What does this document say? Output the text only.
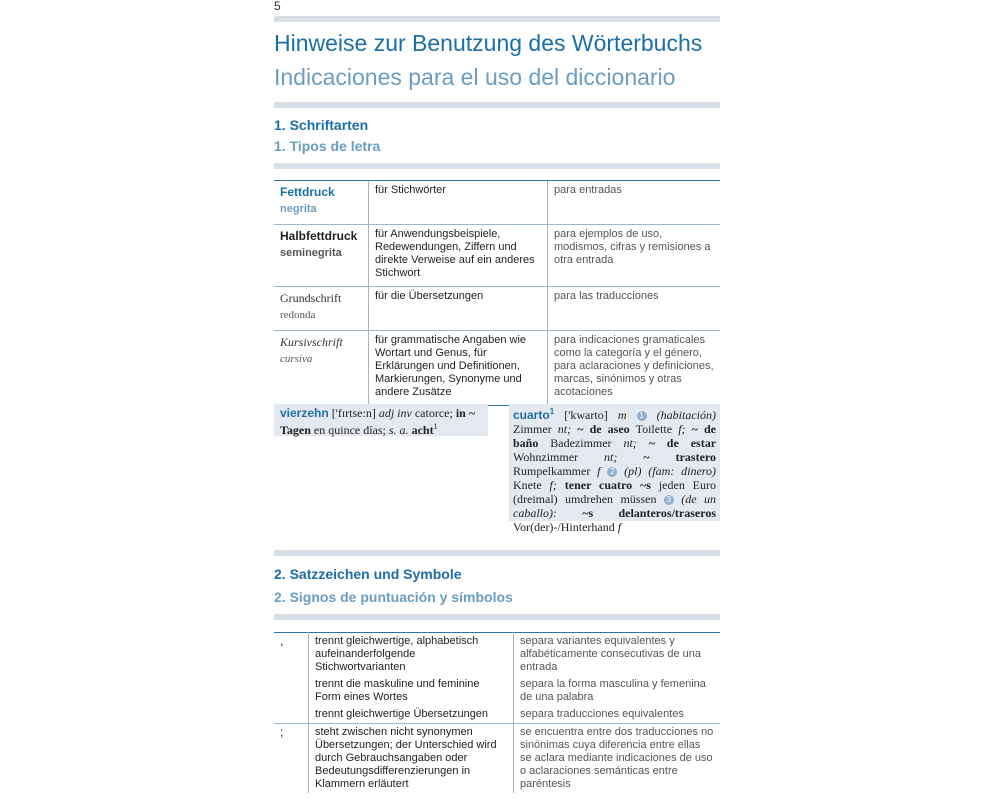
5
Hinweise zur Benutzung des Wörterbuchs
Indicaciones para el uso del diccionario
1. Schriftarten
1. Tipos de letra
Fettdruck
negrita	für Stichwörter	para entradas

Halbfettdruck
seminegrita	für Anwendungsbeispiele, Redewendungen, Ziffern und direkte Verweise auf ein anderes Stichwort	para ejemplos de uso, modismos, cifras y remisiones a otra entrada

Grundschrift
redonda	für die Übersetzungen	para las traducciones

Kursivschrift
cursiva	für grammatische Angaben wie Wortart und Genus, für Erklärungen und Definitionen, Markierungen, Synonyme und andere Zusätze	para indicaciones gramaticales como la categoría y el género, para aclaraciones y definiciones, marcas, sinónimos y otras acotaciones
vierzehn ['fɪrtse:n] adj inv catorce; in ~ Tagen en quince días; s. a. acht$^1$
cuarto$^1$ ['kwarto] m 1 (habitación) Zimmer nt; ~ de aseo Toilette f; ~ de baño Badezimmer nt; ~ de estar Wohnzimmer nt; ~ trastero Rumpelkammer f 2 (pl) (fam: dinero) Knete f; tener cuatro ~s jeden Euro (dreimal) umdrehen müssen 3 (de un caballo): ~s delanteros/traseros Vor(der)-/Hinterhand f
2. Satzzeichen und Symbole
2. Signos de puntuación y símbolos
,	trennt gleichwertige, alphabetisch aufeinanderfolgende Stichwortvarianten	separa variantes equivalentes y alfabéticamente consecutivas de una entrada
	trennt die maskuline und feminine Form eines Wortes	separa la forma masculina y femenina de una palabra
	trennt gleichwertige Übersetzungen	separa traducciones equivalentes
;	steht zwischen nicht synonymen Übersetzungen; der Unterschied wird durch Gebrauchsangaben oder Bedeutungsdifferenzierungen in Klammern erläutert	se encuentra entre dos traducciones no sinónimas cuya diferencia entre ellas se aclara mediante indicaciones de uso o aclaraciones semánticas entre paréntesis
